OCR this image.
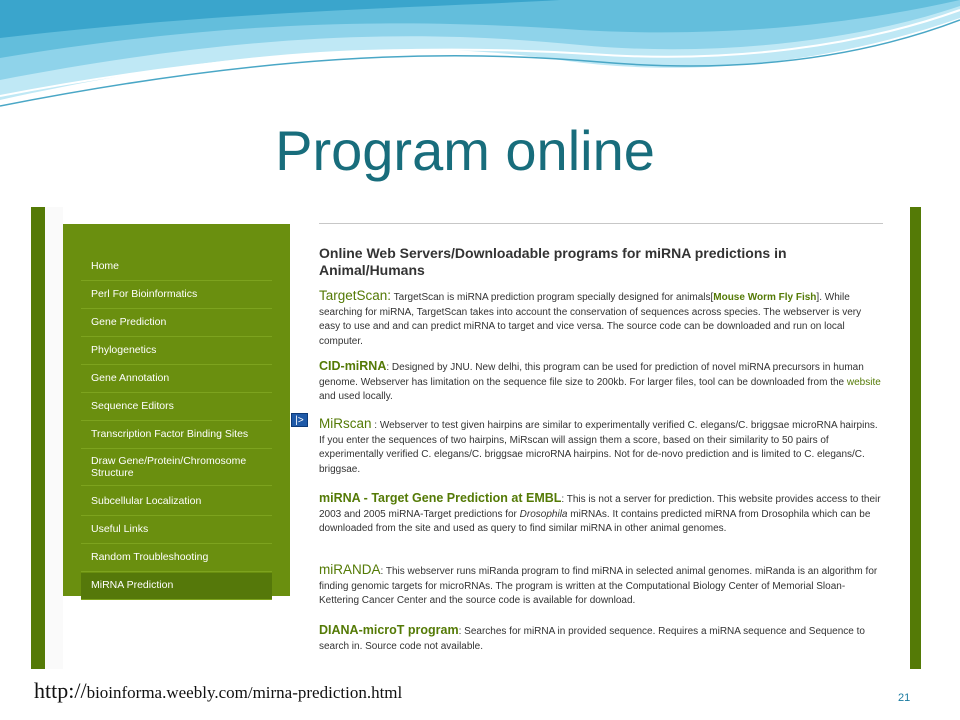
Program online
Home
Perl For Bioinformatics
Gene Prediction
Phylogenetics
Gene Annotation
Sequence Editors
Transcription Factor Binding Sites
Draw Gene/Protein/Chromosome Structure
Subcellular Localization
Useful Links
Random Troubleshooting
MiRNA Prediction
|>
Online Web Servers/Downloadable programs for miRNA predictions in Animal/Humans
TargetScan: TargetScan is miRNA prediction program specially designed for animals[Mouse Worm Fly Fish]. While searching for miRNA, TargetScan takes into account the conservation of sequences across species. The webserver is very easy to use and and can predict miRNA to target and vice versa. The source code can be downloaded and run on local computer.
CID-miRNA: Designed by JNU. New delhi, this program can be used for prediction of novel miRNA precursors in human genome. Webserver has limitation on the sequence file size to 200kb. For larger files, tool can be downloaded from the website and used locally.
MiRscan : Webserver to test given hairpins are similar to experimentally verified C. elegans/C. briggsae microRNA hairpins. If you enter the sequences of two hairpins, MiRscan will assign them a score, based on their similarity to 50 pairs of experimentally verified C. elegans/C. briggsae microRNA hairpins. Not for de-novo prediction and is limited to C. elegans/C. briggsae.
miRNA - Target Gene Prediction at EMBL: This is not a server for prediction. This website provides access to their 2003 and 2005 miRNA-Target predictions for Drosophila miRNAs. It contains predicted miRNA from Drosophila which can be downloaded from the site and used as query to find similar miRNA in other animal genomes.
miRANDA: This webserver runs miRanda program to find miRNA in selected animal genomes. miRanda is an algorithm for finding genomic targets for microRNAs. The program is written at the Computational Biology Center of Memorial Sloan-Kettering Cancer Center and the source code is available for download.
DIANA-microT program: Searches for miRNA in provided sequence. Requires a miRNA sequence and Sequence to search in. Source code not available.
http://bioinforma.weebly.com/mirna-prediction.html	21
